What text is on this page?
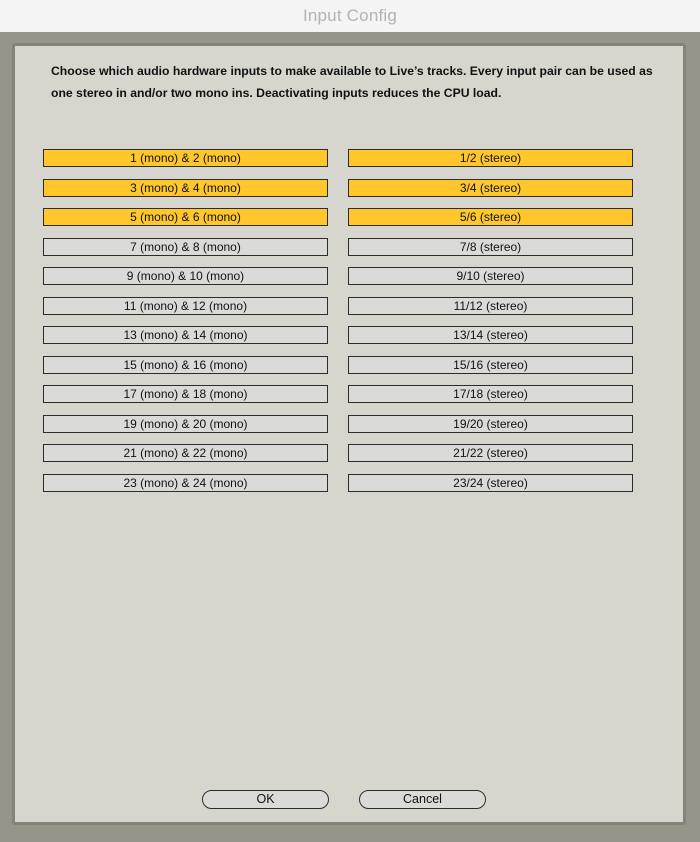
Input Config

Choose which audio hardware inputs to make available to Live’s tracks. Every input pair can be used as one stereo in and/or two mono ins. Deactivating inputs reduces the CPU load.

1 (mono) & 2 (mono)
3 (mono) & 4 (mono)
5 (mono) & 6 (mono)
7 (mono) & 8 (mono)
9 (mono) & 10 (mono)
11 (mono) & 12 (mono)
13 (mono) & 14 (mono)
15 (mono) & 16 (mono)
17 (mono) & 18 (mono)
19 (mono) & 20 (mono)
21 (mono) & 22 (mono)
23 (mono) & 24 (mono)
1/2 (stereo)
3/4 (stereo)
5/6 (stereo)
7/8 (stereo)
9/10 (stereo)
11/12 (stereo)
13/14 (stereo)
15/16 (stereo)
17/18 (stereo)
19/20 (stereo)
21/22 (stereo)
23/24 (stereo)
OK	Cancel
